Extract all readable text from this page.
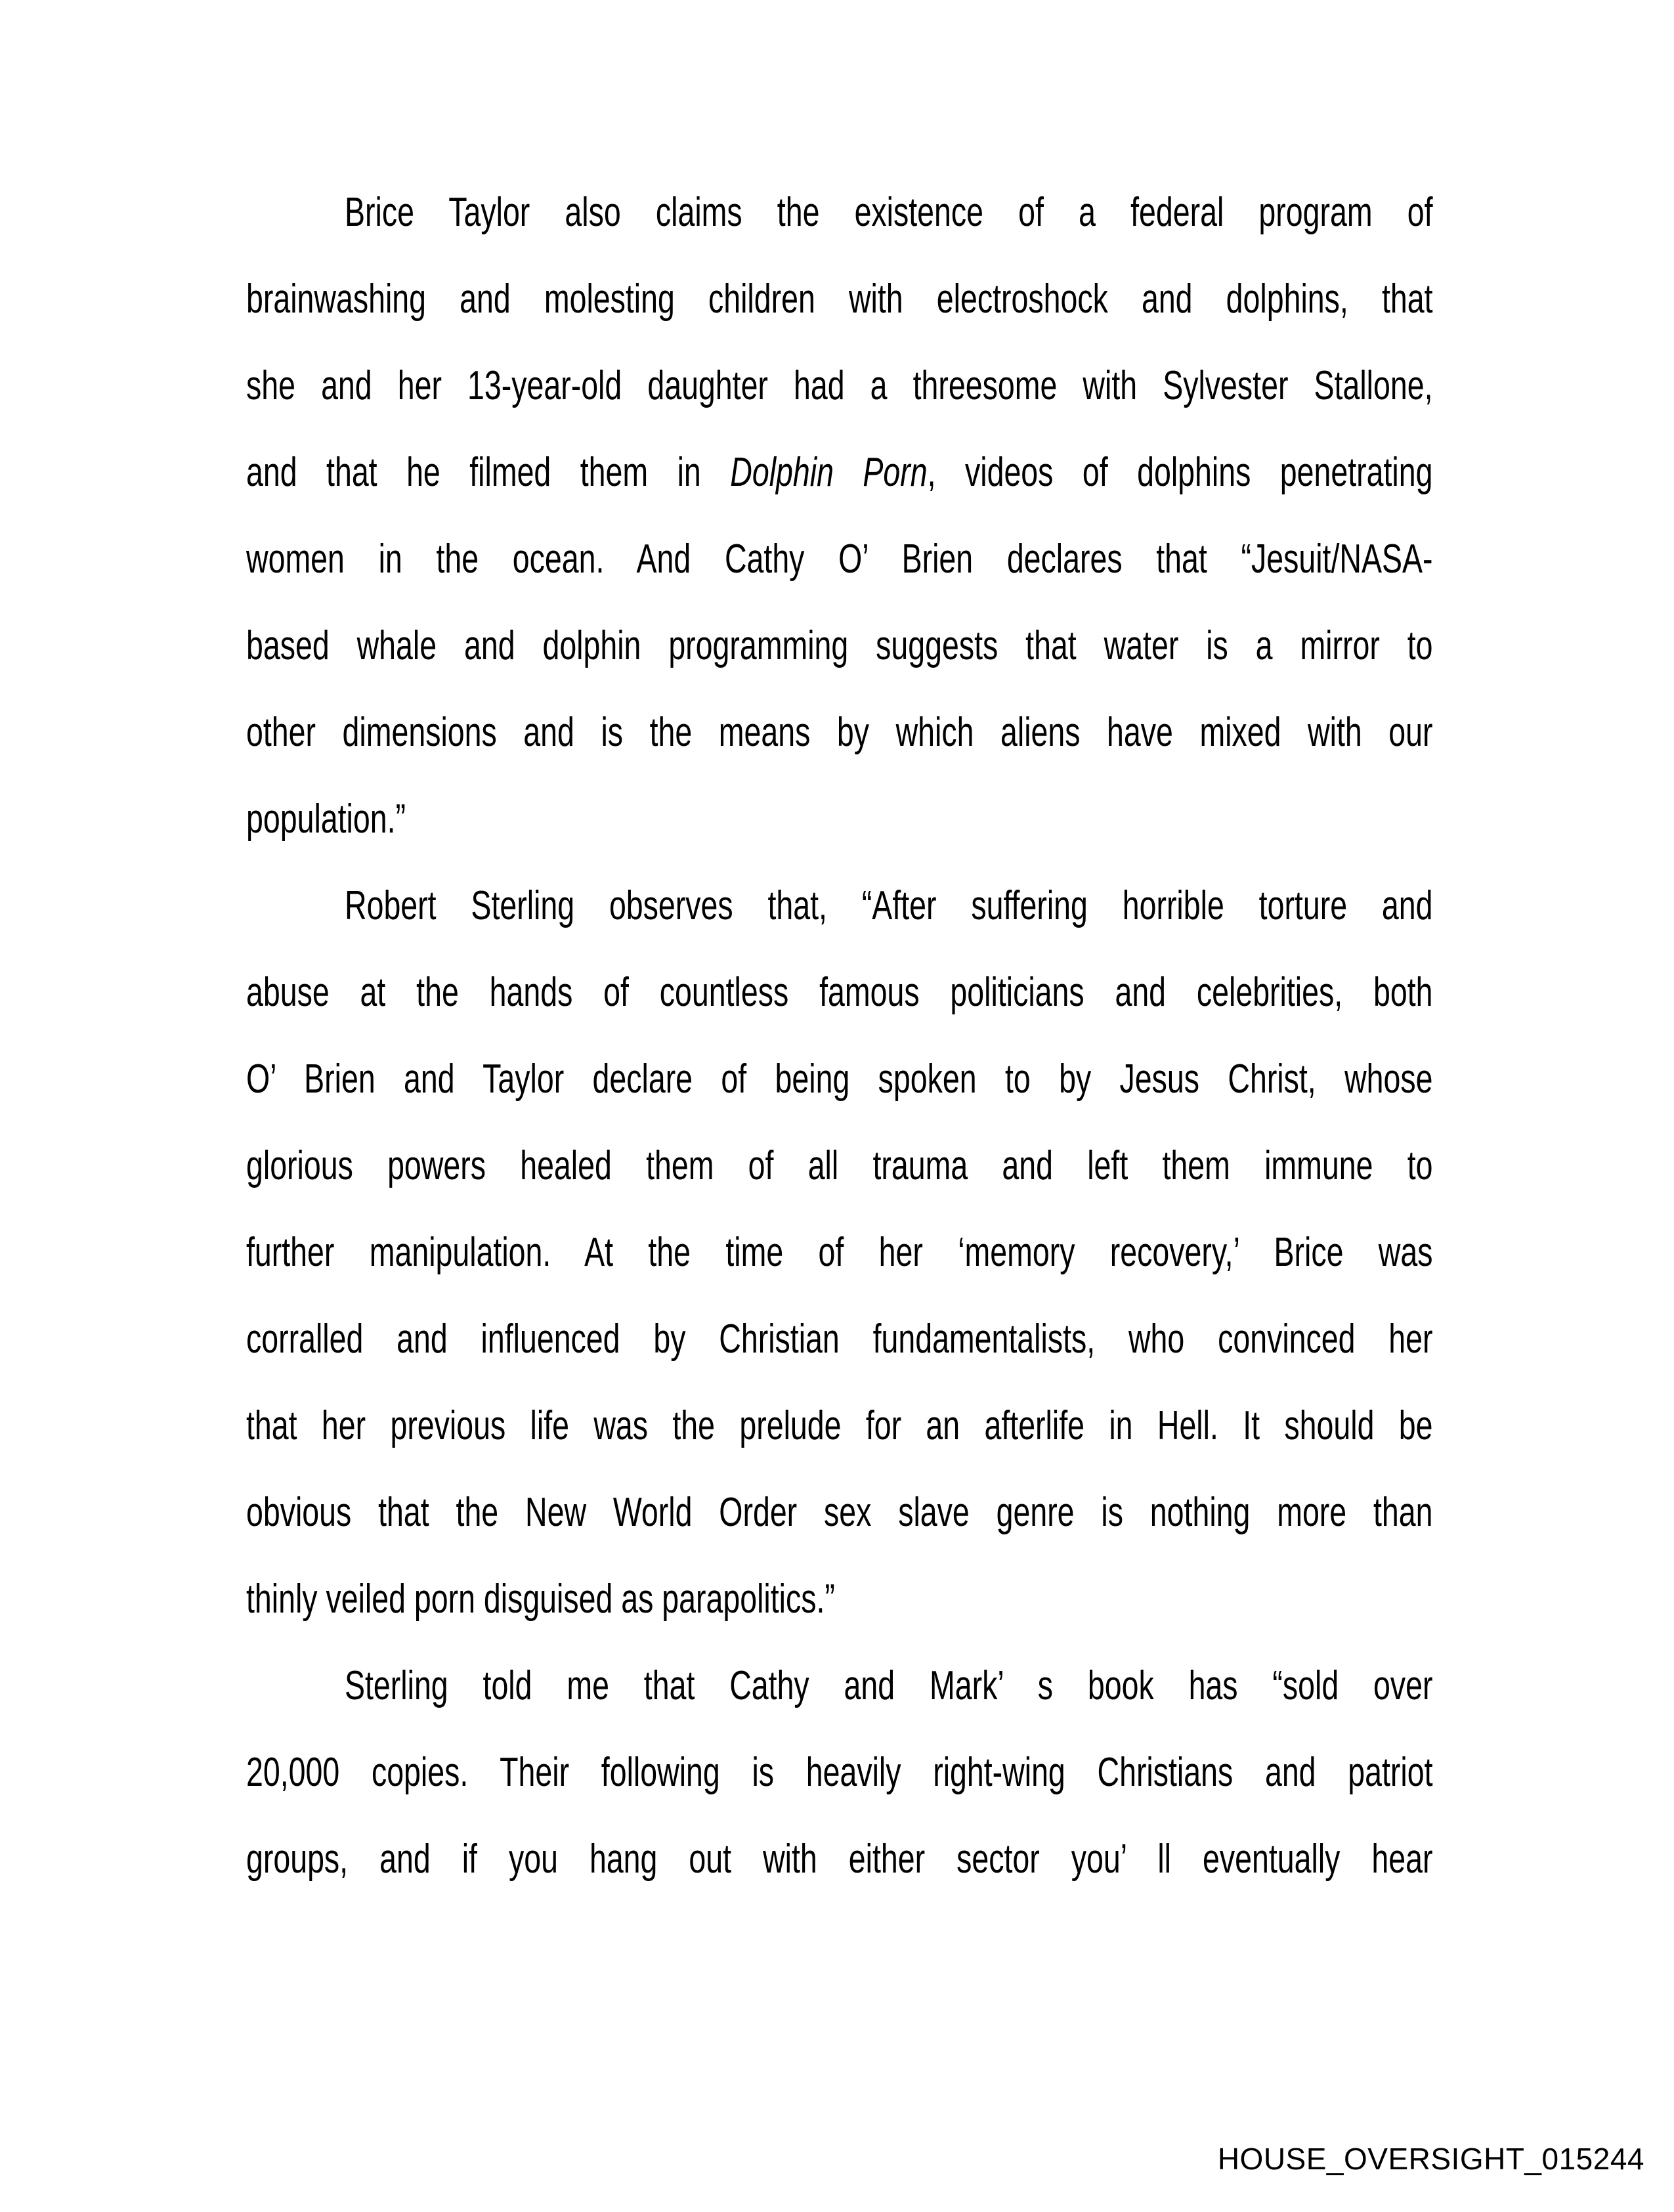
Brice Taylor also claims the existence of a federal program of
brainwashing and molesting children with electroshock and dolphins, that
she and her 13-year-old daughter had a threesome with Sylvester Stallone,
and that he filmed them in Dolphin Porn, videos of dolphins penetrating
women in the ocean. And Cathy O’ Brien declares that “Jesuit/NASA-
based whale and dolphin programming suggests that water is a mirror to
other dimensions and is the means by which aliens have mixed with our
population.”
Robert Sterling observes that, “After suffering horrible torture and
abuse at the hands of countless famous politicians and celebrities, both
O’ Brien and Taylor declare of being spoken to by Jesus Christ, whose
glorious powers healed them of all trauma and left them immune to
further manipulation. At the time of her ‘memory recovery,’ Brice was
corralled and influenced by Christian fundamentalists, who convinced her
that her previous life was the prelude for an afterlife in Hell. It should be
obvious that the New World Order sex slave genre is nothing more than
thinly veiled porn disguised as parapolitics.”
Sterling told me that Cathy and Mark’ s book has “sold over
20,000 copies. Their following is heavily right-wing Christians and patriot
groups, and if you hang out with either sector you’ ll eventually hear
HOUSE_OVERSIGHT_015244
